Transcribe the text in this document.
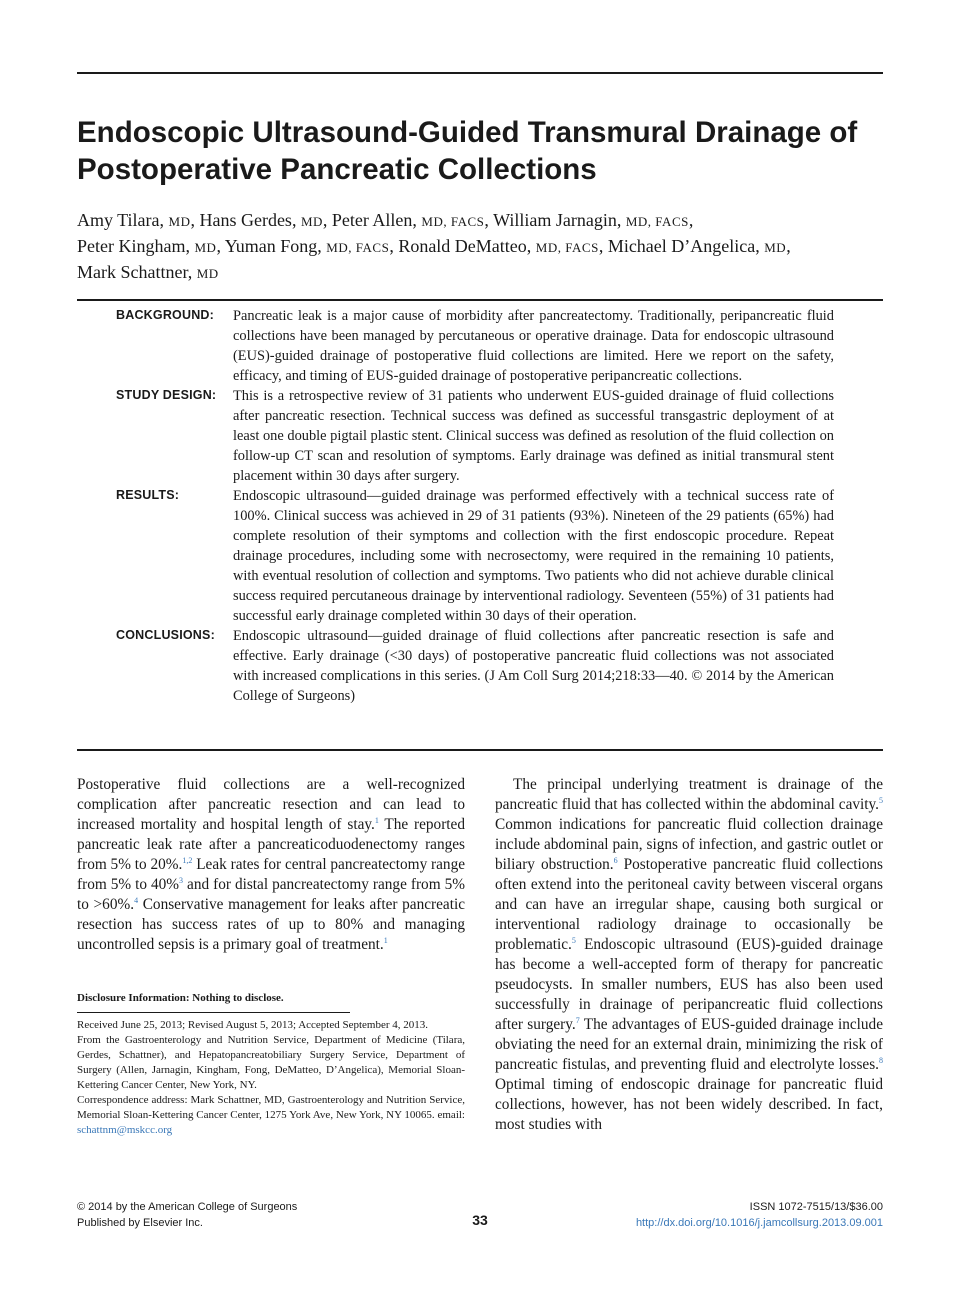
Endoscopic Ultrasound-Guided Transmural Drainage of Postoperative Pancreatic Collections
Amy Tilara, MD, Hans Gerdes, MD, Peter Allen, MD, FACS, William Jarnagin, MD, FACS,
Peter Kingham, MD, Yuman Fong, MD, FACS, Ronald DeMatteo, MD, FACS, Michael D’Angelica, MD,
Mark Schattner, MD
BACKGROUND: Pancreatic leak is a major cause of morbidity after pancreatectomy. Traditionally, peripancreatic fluid collections have been managed by percutaneous or operative drainage. Data for endoscopic ultrasound (EUS)-guided drainage of postoperative fluid collections are limited. Here we report on the safety, efficacy, and timing of EUS-guided drainage of postoperative peripancreatic collections.
STUDY DESIGN: This is a retrospective review of 31 patients who underwent EUS-guided drainage of fluid collections after pancreatic resection. Technical success was defined as successful transgastric deployment of at least one double pigtail plastic stent. Clinical success was defined as resolution of the fluid collection on follow-up CT scan and resolution of symptoms. Early drainage was defined as initial transmural stent placement within 30 days after surgery.
RESULTS:	Endoscopic ultrasound—guided drainage was performed effectively with a technical success rate of 100%. Clinical success was achieved in 29 of 31 patients (93%). Nineteen of the 29 patients (65%) had complete resolution of their symptoms and collection with the first endoscopic procedure. Repeat drainage procedures, including some with necrosectomy, were required in the remaining 10 patients, with eventual resolution of collection and symptoms. Two patients who did not achieve durable clinical success required percutaneous drainage by interventional radiology. Seventeen (55%) of 31 patients had successful early drainage completed within 30 days of their operation.
CONCLUSIONS: Endoscopic ultrasound—guided drainage of fluid collections after pancreatic resection is safe and effective. Early drainage (<30 days) of postoperative pancreatic fluid collections was not associated with increased complications in this series. (J Am Coll Surg 2014;218:33—40. © 2014 by the American College of Surgeons)
Postoperative fluid collections are a well-recognized complication after pancreatic resection and can lead to increased mortality and hospital length of stay.$^1$ The reported pancreatic leak rate after a pancreaticoduodenectomy ranges from 5% to 20%.$^{1,2}$ Leak rates for central pancreatectomy range from 5% to 40%$^3$ and for distal pancreatectomy range from 5% to >60%.$^4$ Conservative management for leaks after pancreatic resection has success rates of up to 80% and managing uncontrolled sepsis is a primary goal of treatment.$^1$
The principal underlying treatment is drainage of the pancreatic fluid that has collected within the abdominal cavity.$^5$ Common indications for pancreatic fluid collection drainage include abdominal pain, signs of infection, and gastric outlet or biliary obstruction.$^6$ Postoperative pancreatic fluid collections often extend into the peritoneal cavity between visceral organs and can have an irregular shape, causing both surgical or interventional radiology drainage to occasionally be problematic.$^5$ Endoscopic ultrasound (EUS)-guided drainage has become a well-accepted form of therapy for pancreatic pseudocysts. In smaller numbers, EUS has also been used successfully in drainage of peripancreatic fluid collections after surgery.$^7$ The advantages of EUS-guided drainage include obviating the need for an external drain, minimizing the risk of pancreatic fistulas, and preventing fluid and electrolyte losses.$^8$ Optimal timing of endoscopic drainage for pancreatic fluid collections, however, has not been widely described. In fact, most studies with
Disclosure Information: Nothing to disclose.

Received June 25, 2013; Revised August 5, 2013; Accepted September 4, 2013.

From the Gastroenterology and Nutrition Service, Department of Medicine (Tilara, Gerdes, Schattner), and Hepatopancreatobiliary Surgery Service, Department of Surgery (Allen, Jarnagin, Kingham, Fong, DeMatteo, D’Angelica), Memorial Sloan-Kettering Cancer Center, New York, NY.

Correspondence address: Mark Schattner, MD, Gastroenterology and Nutrition Service, Memorial Sloan-Kettering Cancer Center, 1275 York Ave, New York, NY 10065. email: schattnm@mskcc.org

© 2014 by the American College of Surgeons
Published by Elsevier Inc.	33
ISSN 1072-7515/13/$36.00
http://dx.doi.org/10.1016/j.jamcollsurg.2013.09.001
